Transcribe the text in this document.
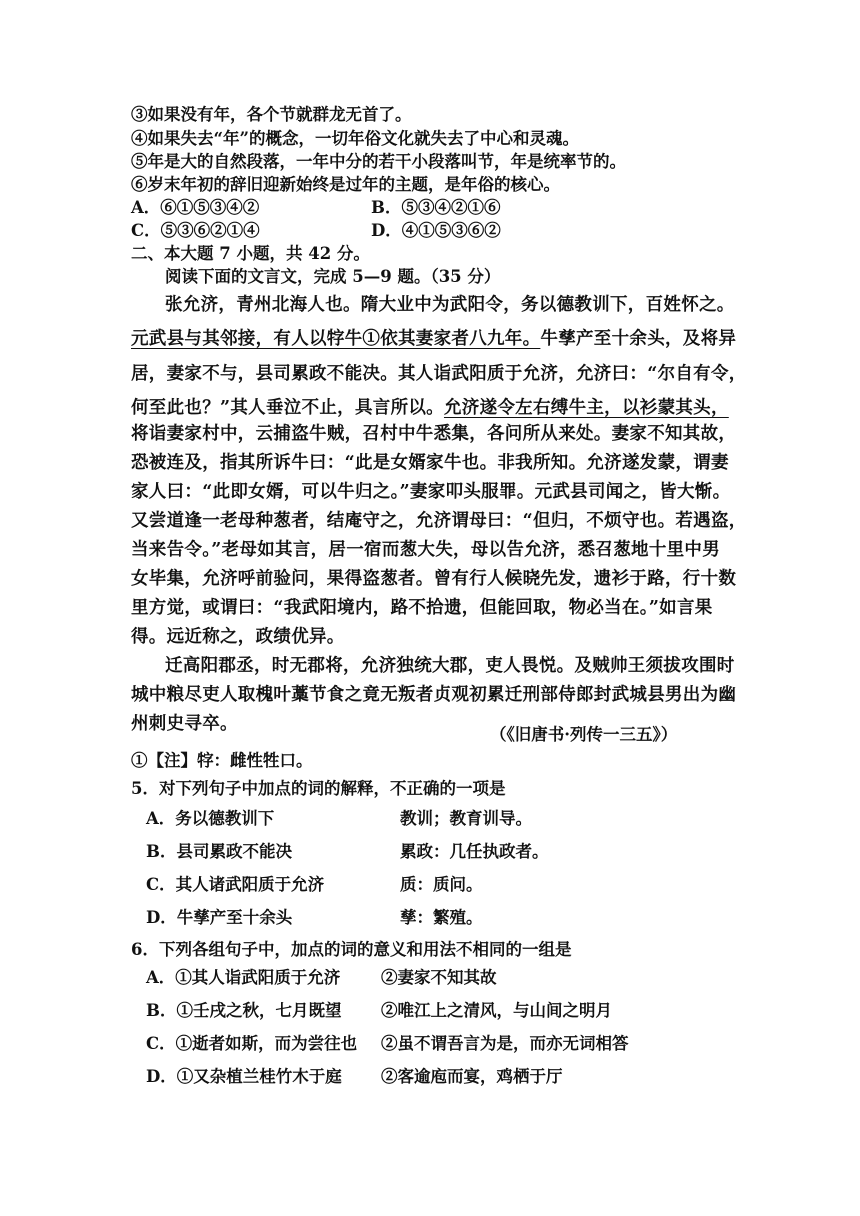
③如果没有年，各个节就群龙无首了。
④如果失去“年”的概念，一切年俗文化就失去了中心和灵魂。
⑤年是大的自然段落，一年中分的若干小段落叫节，年是统率节的。
⑥岁末年初的辞旧迎新始终是过年的主题，是年俗的核心。
A．⑥①⑤③④②	B．⑤③④②①⑥
C．⑤③⑥②①④	D．④①⑤③⑥②
二、本大题 7 小题，共 42 分。
阅读下面的文言文，完成 5—9 题。（35 分）
张允济，青州北海人也。隋大业中为武阳令，务以德教训下，百姓怀之。
元武县与其邻接，有人以牸牛①依其妻家者八九年。牛孳产至十余头，及将异
居，妻家不与，县司累政不能决。其人诣武阳质于允济，允济曰：“尔自有令，
何至此也？”其人垂泣不止，具言所以。允济遂令左右缚牛主，以衫蒙其头，
将诣妻家村中，云捕盗牛贼，召村中牛悉集，各问所从来处。妻家不知其故，
恐被连及，指其所诉牛曰：“此是女婿家牛也。非我所知。允济遂发蒙，谓妻
家人曰：“此即女婿，可以牛归之。”妻家叩头服罪。元武县司闻之，皆大惭。
又尝道逢一老母种葱者，结庵守之，允济谓母曰：“但归，不烦守也。若遇盗，
当来告令。”老母如其言，居一宿而葱大失，母以告允济，悉召葱地十里中男
女毕集，允济呼前验问，果得盗葱者。曾有行人候晓先发，遗衫于路，行十数
里方觉，或谓曰：“我武阳境内，路不拾遗，但能回取，物必当在。”如言果
得。远近称之，政绩优异。
迁高阳郡丞，时无郡将，允济独统大郡，吏人畏悦。及贼帅王须拔攻围时
城中粮尽吏人取槐叶藁节食之竟无叛者贞观初累迁刑部侍郎封武城县男出为幽
州刺史寻卒。
（《旧唐书·列传一三五》）
①【注】牸：雌性牲口。
5．对下列句子中加点的词的解释，不正确的一项是
A．务以德教训下	教训；教育训导。
B．县司累政不能决	累政：几任执政者。
C．其人诸武阳质于允济	质：质问。
D．牛孳产至十余头	孳：繁殖。
6．下列各组句子中，加点的词的意义和用法不相同的一组是
A．①其人诣武阳质于允济 ②妻家不知其故
B．①壬戌之秋，七月既望 ②唯江上之清风，与山间之明月
C．①逝者如斯，而为尝往也 ②虽不谓吾言为是，而亦无词相答
D．①又杂植兰桂竹木于庭 ②客逾庖而宴，鸡栖于厅
